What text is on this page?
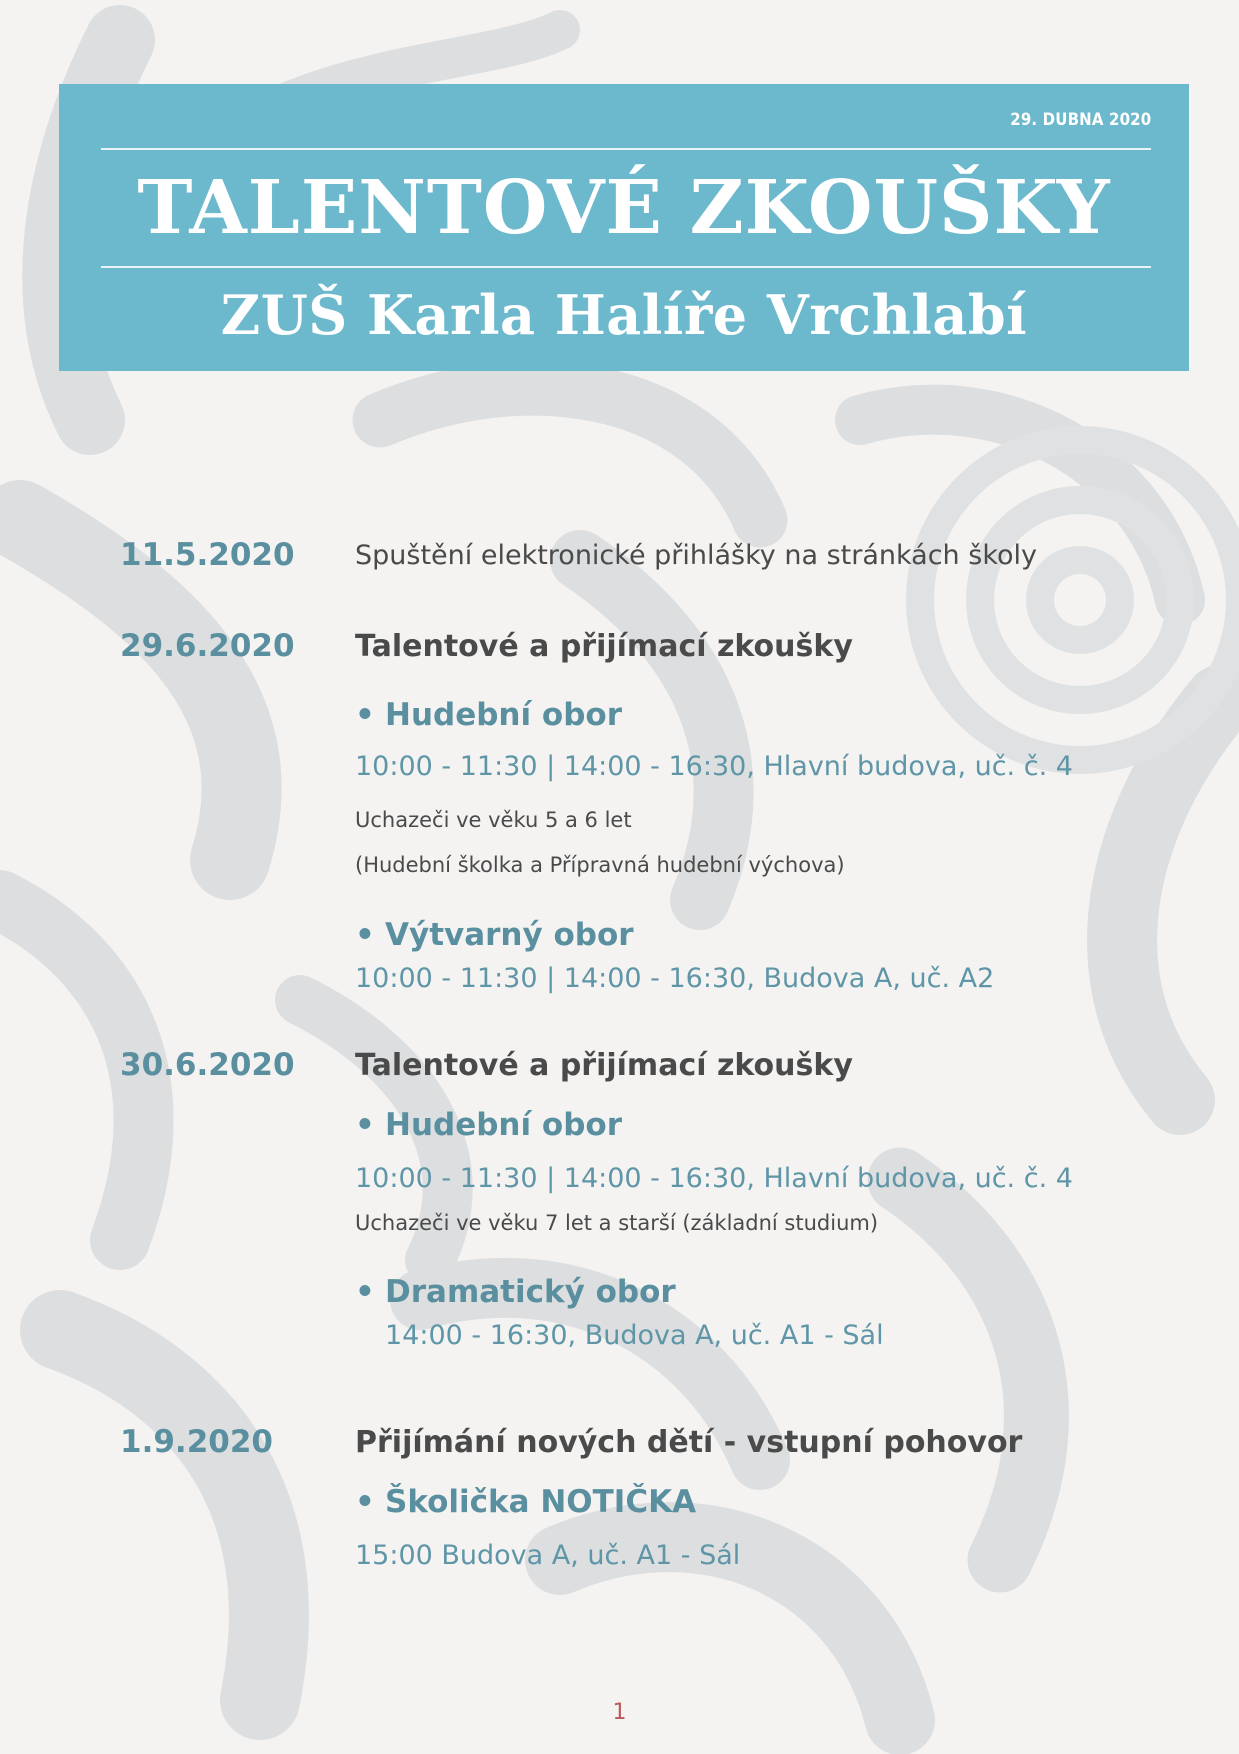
29. DUBNA 2020
TALENTOVÉ ZKOUŠKY
ZUŠ Karla Halíře Vrchlabí
11.5.2020 Spuštění elektronické přihlášky na stránkách školy
29.6.2020 Talentové a přijímací zkoušky
• Hudební obor
10:00 - 11:30 | 14:00 - 16:30, Hlavní budova, uč. č. 4
Uchazeči ve věku 5 a 6 let
(Hudební školka a Přípravná hudební výchova)
• Výtvarný obor
10:00 - 11:30 | 14:00 - 16:30, Budova A, uč. A2
30.6.2020 Talentové a přijímací zkoušky
• Hudební obor
10:00 - 11:30 | 14:00 - 16:30, Hlavní budova, uč. č. 4
Uchazeči ve věku 7 let a starší (základní studium)
• Dramatický obor
14:00 - 16:30, Budova A, uč. A1 - Sál
1.9.2020	Přijímání nových dětí - vstupní pohovor
• Školička NOTIČKA
15:00 Budova A, uč. A1 - Sál
1
